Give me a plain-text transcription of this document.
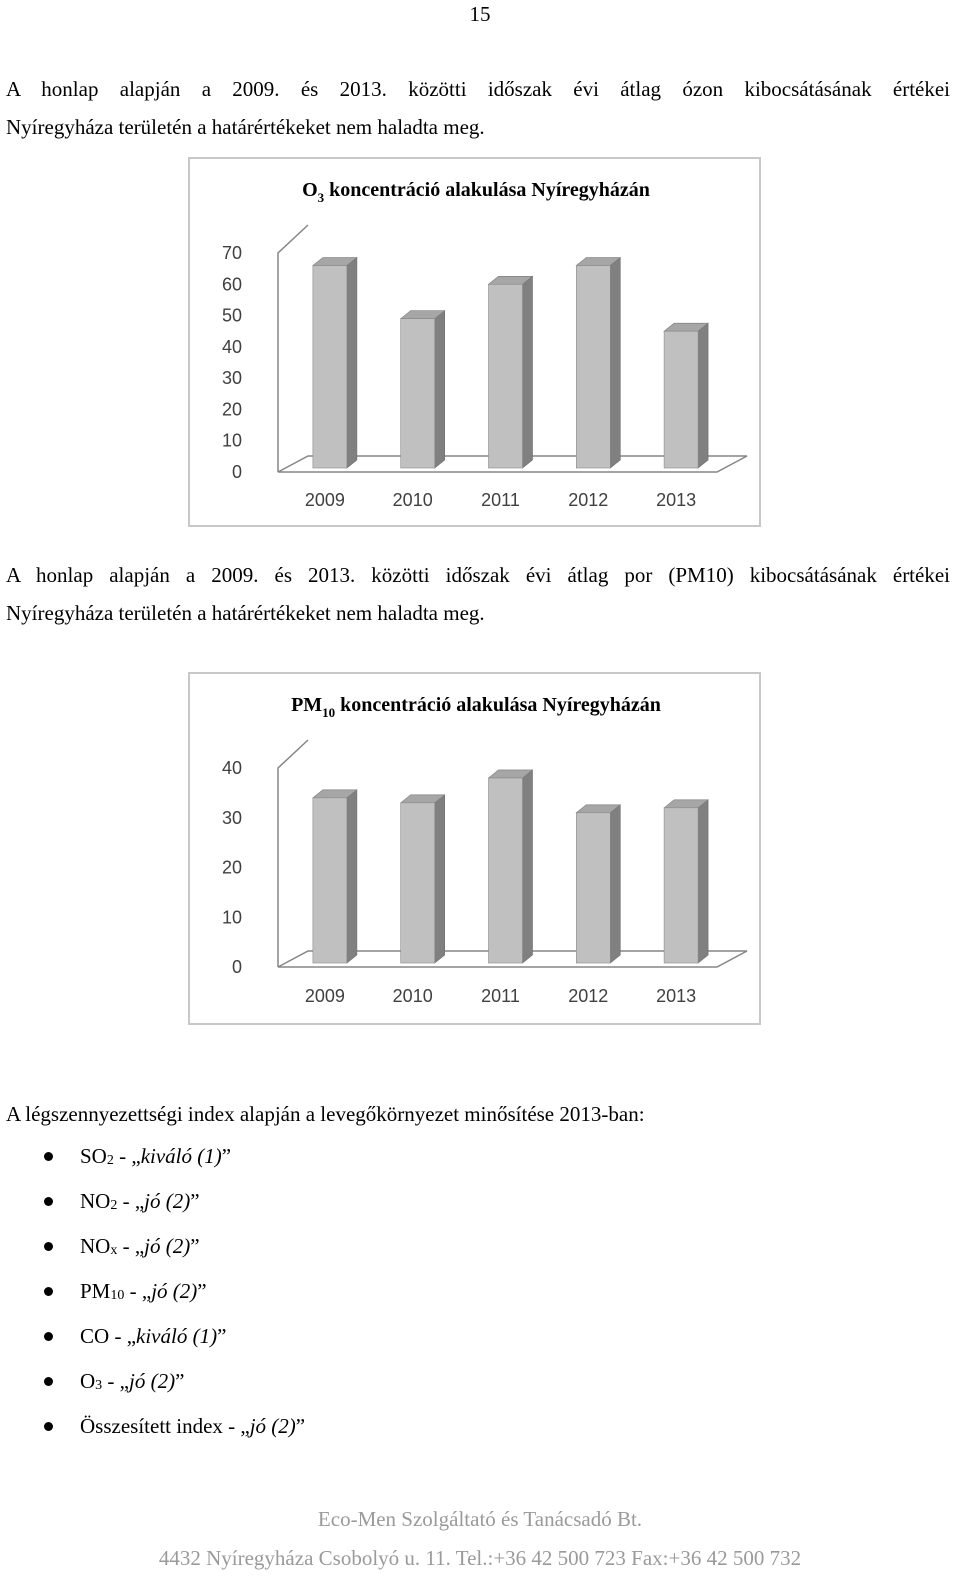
15
A honlap alapján a 2009. és 2013. közötti időszak évi átlag ózon kibocsátásának értékei
Nyíregyháza területén a határértékeket nem haladta meg.
$O_3$ koncentráció alakulása Nyíregyházán
0
10
20
30
40
50
60
70
2009	2010	2011	2012	2013
A honlap alapján a 2009. és 2013. közötti időszak évi átlag por (PM10) kibocsátásának értékei
Nyíregyháza területén a határértékeket nem haladta meg.
$PM_{10}$ koncentráció alakulása Nyíregyházán
0
10
20
30
40
2009	2010	2011	2012	2013
A légszennyezettségi index alapján a levegőkörnyezet minősítése 2013-ban:
SO2 - „kiváló (1)”
NO2 - „jó (2)”
NOx - „jó (2)”
PM10 - „jó (2)”
CO - „kiváló (1)”
O3 - „jó (2)”
Összesített index - „jó (2)”
Eco-Men Szolgáltató és Tanácsadó Bt.
4432 Nyíregyháza Csobolyó u. 11. Tel.:+36 42 500 723 Fax:+36 42 500 732
